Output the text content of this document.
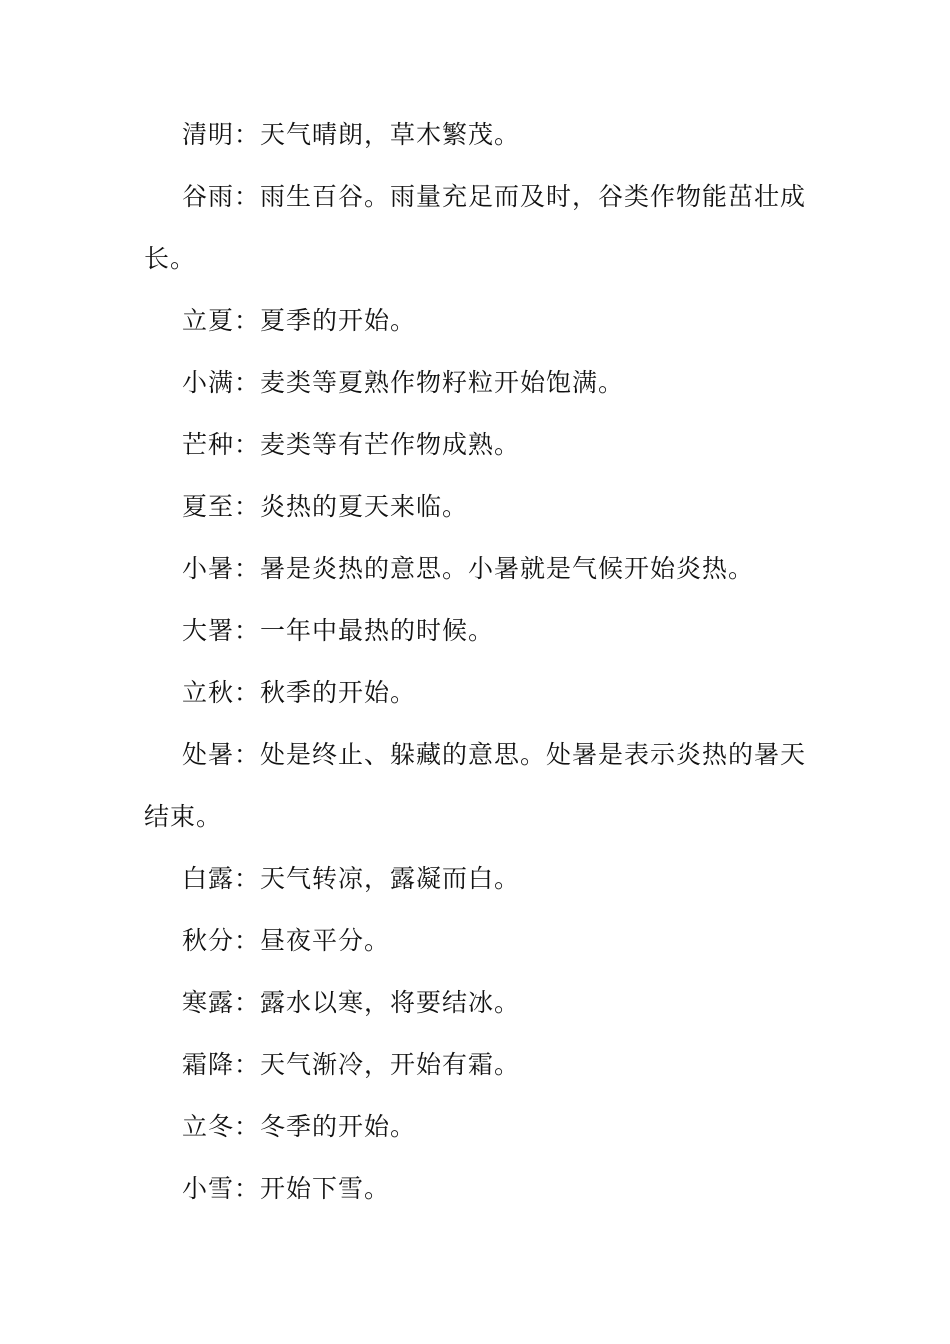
清明：天气晴朗，草木繁茂。

谷雨：雨生百谷。雨量充足而及时，谷类作物能茁壮成长。

立夏：夏季的开始。

小满：麦类等夏熟作物籽粒开始饱满。

芒种：麦类等有芒作物成熟。

夏至：炎热的夏天来临。

小暑：暑是炎热的意思。小暑就是气候开始炎热。

大署：一年中最热的时候。

立秋：秋季的开始。

处暑：处是终止、躲藏的意思。处暑是表示炎热的暑天结束。

白露：天气转凉，露凝而白。

秋分：昼夜平分。

寒露：露水以寒，将要结冰。

霜降：天气渐冷，开始有霜。

立冬：冬季的开始。

小雪：开始下雪。
